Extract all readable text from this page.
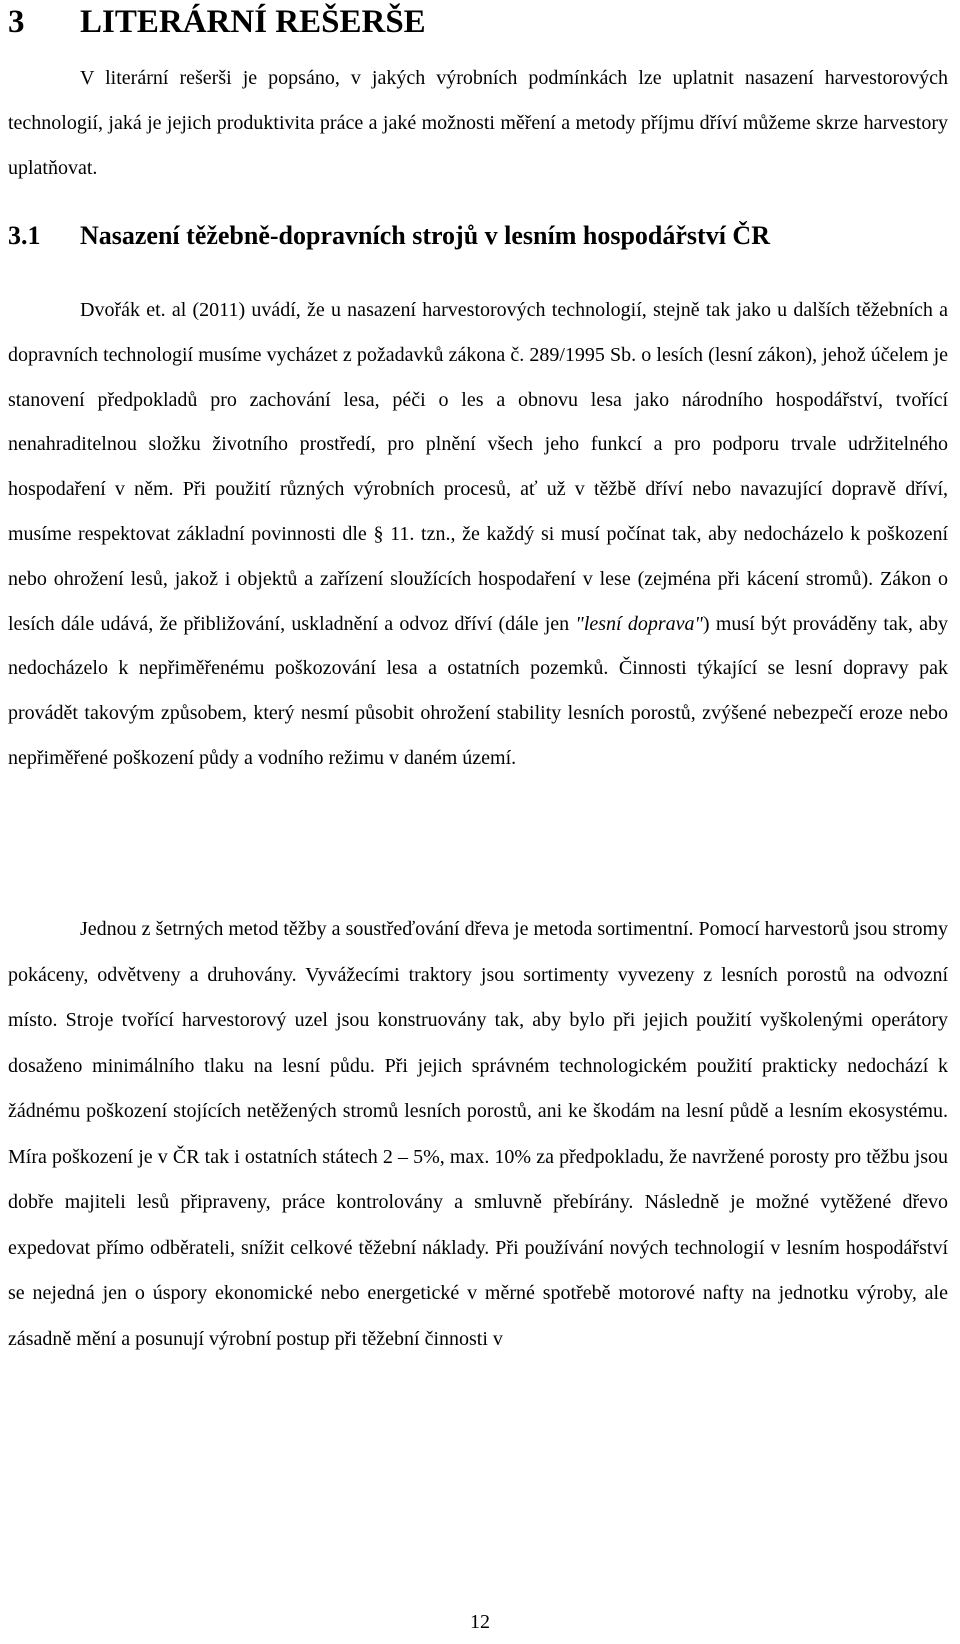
3 LITERÁRNÍ REŠERŠE

V literární rešerši je popsáno, v jakých výrobních podmínkách lze uplatnit nasazení harvestorových technologií, jaká je jejich produktivita práce a jaké možnosti měření a metody příjmu dříví můžeme skrze harvestory uplatňovat.

3.1 Nasazení těžebně-dopravních strojů v lesním hospodářství ČR

Dvořák et. al (2011) uvádí, že u nasazení harvestorových technologií, stejně tak jako u dalších těžebních a dopravních technologií musíme vycházet z požadavků zákona č. 289/1995 Sb. o lesích (lesní zákon), jehož účelem je stanovení předpokladů pro zachování lesa, péči o les a obnovu lesa jako národního hospodářství, tvořící nenahraditelnou složku životního prostředí, pro plnění všech jeho funkcí a pro podporu trvale udržitelného hospodaření v něm. Při použití různých výrobních procesů, ať už v těžbě dříví nebo navazující dopravě dříví, musíme respektovat základní povinnosti dle § 11. tzn., že každý si musí počínat tak, aby nedocházelo k poškození nebo ohrožení lesů, jakož i objektů a zařízení sloužících hospodaření v lese (zejména při kácení stromů). Zákon o lesích dále udává, že přibližování, uskladnění a odvoz dříví (dále jen "lesní doprava") musí být prováděny tak, aby nedocházelo k nepřiměřenému poškozování lesa a ostatních pozemků. Činnosti týkající se lesní dopravy pak provádět takovým způsobem, který nesmí působit ohrožení stability lesních porostů, zvýšené nebezpečí eroze nebo nepřiměřené poškození půdy a vodního režimu v daném území.

Jednou z šetrných metod těžby a soustřeďování dřeva je metoda sortimentní. Pomocí harvestorů jsou stromy pokáceny, odvětveny a druhovány. Vyvážecími traktory jsou sortimenty vyvezeny z lesních porostů na odvozní místo. Stroje tvořící harvestorový uzel jsou konstruovány tak, aby bylo při jejich použití vyškolenými operátory dosaženo minimálního tlaku na lesní půdu. Při jejich správném technologickém použití prakticky nedochází k žádnému poškození stojících netěžených stromů lesních porostů, ani ke škodám na lesní půdě a lesním ekosystému. Míra poškození je v ČR tak i ostatních státech 2 – 5%, max. 10% za předpokladu, že navržené porosty pro těžbu jsou dobře majiteli lesů připraveny, práce kontrolovány a smluvně přebírány. Následně je možné vytěžené dřevo expedovat přímo odběrateli, snížit celkové těžební náklady. Při používání nových technologií v lesním hospodářství se nejedná jen o úspory ekonomické nebo energetické v měrné spotřebě motorové nafty na jednotku výroby, ale zásadně mění a posunují výrobní postup při těžební činnosti v

12
